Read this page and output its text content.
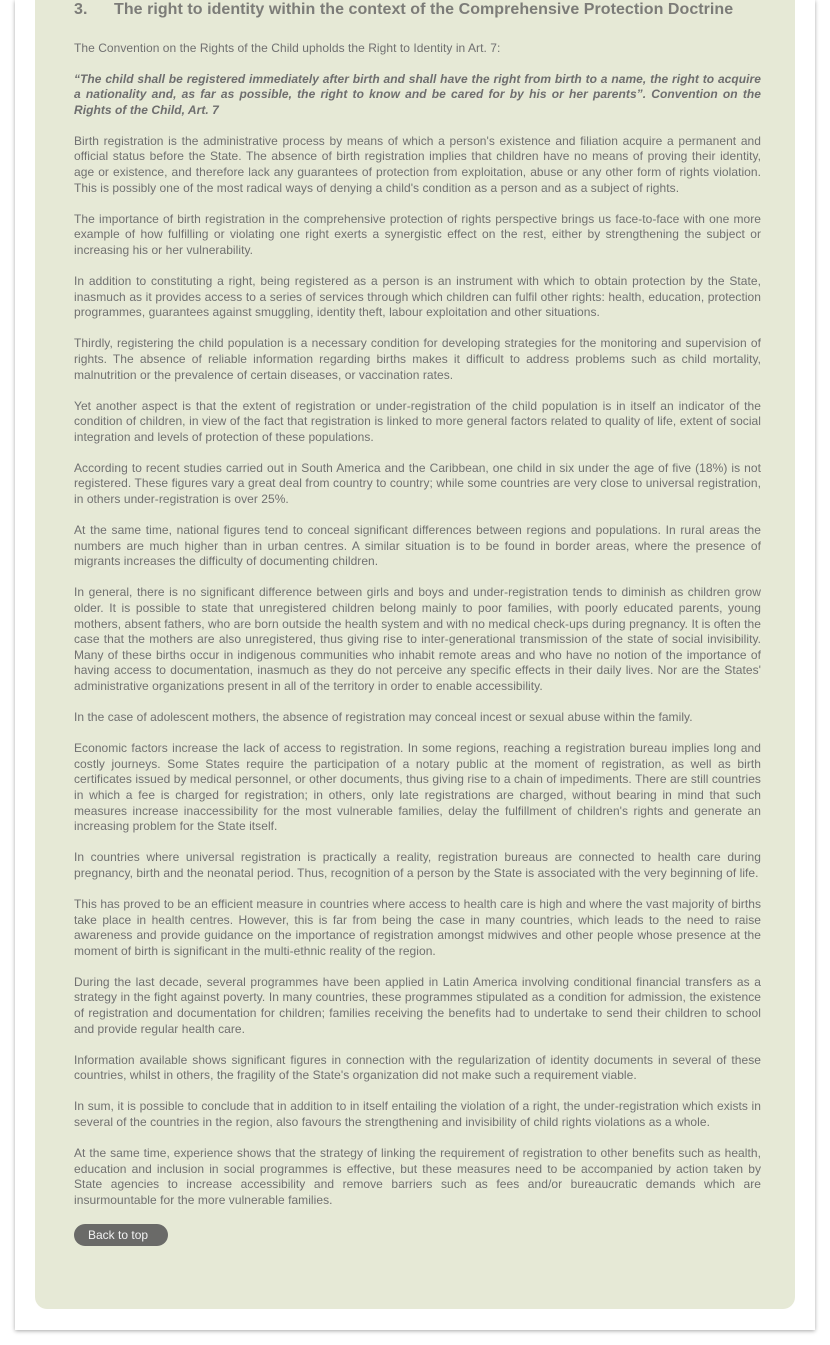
3.	The right to identity within the context of the Comprehensive Protection Doctrine

The Convention on the Rights of the Child upholds the Right to Identity in Art. 7:

“The child shall be registered immediately after birth and shall have the right from birth to a name, the right to acquire a nationality and, as far as possible, the right to know and be cared for by his or her parents”. Convention on the Rights of the Child, Art. 7

Birth registration is the administrative process by means of which a person's existence and filiation acquire a permanent and official status before the State. The absence of birth registration implies that children have no means of proving their identity, age or existence, and therefore lack any guarantees of protection from exploitation, abuse or any other form of rights violation. This is possibly one of the most radical ways of denying a child's condition as a person and as a subject of rights.

The importance of birth registration in the comprehensive protection of rights perspective brings us face-to-face with one more example of how fulfilling or violating one right exerts a synergistic effect on the rest, either by strengthening the subject or increasing his or her vulnerability.

In addition to constituting a right, being registered as a person is an instrument with which to obtain protection by the State, inasmuch as it provides access to a series of services through which children can fulfil other rights: health, education, protection programmes, guarantees against smuggling, identity theft, labour exploitation and other situations.

Thirdly, registering the child population is a necessary condition for developing strategies for the monitoring and supervision of rights. The absence of reliable information regarding births makes it difficult to address problems such as child mortality, malnutrition or the prevalence of certain diseases, or vaccination rates.

Yet another aspect is that the extent of registration or under-registration of the child population is in itself an indicator of the condition of children, in view of the fact that registration is linked to more general factors related to quality of life, extent of social integration and levels of protection of these populations.

According to recent studies carried out in South America and the Caribbean, one child in six under the age of five (18%) is not registered. These figures vary a great deal from country to country; while some countries are very close to universal registration, in others under-registration is over 25%.

At the same time, national figures tend to conceal significant differences between regions and populations. In rural areas the numbers are much higher than in urban centres. A similar situation is to be found in border areas, where the presence of migrants increases the difficulty of documenting children.

In general, there is no significant difference between girls and boys and under-registration tends to diminish as children grow older. It is possible to state that unregistered children belong mainly to poor families, with poorly educated parents, young mothers, absent fathers, who are born outside the health system and with no medical check-ups during pregnancy. It is often the case that the mothers are also unregistered, thus giving rise to inter-generational transmission of the state of social invisibility. Many of these births occur in indigenous communities who inhabit remote areas and who have no notion of the importance of having access to documentation, inasmuch as they do not perceive any specific effects in their daily lives. Nor are the States' administrative organizations present in all of the territory in order to enable accessibility.

In the case of adolescent mothers, the absence of registration may conceal incest or sexual abuse within the family.

Economic factors increase the lack of access to registration. In some regions, reaching a registration bureau implies long and costly journeys. Some States require the participation of a notary public at the moment of registration, as well as birth certificates issued by medical personnel, or other documents, thus giving rise to a chain of impediments. There are still countries in which a fee is charged for registration; in others, only late registrations are charged, without bearing in mind that such measures increase inaccessibility for the most vulnerable families, delay the fulfillment of children's rights and generate an increasing problem for the State itself.

In countries where universal registration is practically a reality, registration bureaus are connected to health care during pregnancy, birth and the neonatal period. Thus, recognition of a person by the State is associated with the very beginning of life.

This has proved to be an efficient measure in countries where access to health care is high and where the vast majority of births take place in health centres. However, this is far from being the case in many countries, which leads to the need to raise awareness and provide guidance on the importance of registration amongst midwives and other people whose presence at the moment of birth is significant in the multi-ethnic reality of the region.

During the last decade, several programmes have been applied in Latin America involving conditional financial transfers as a strategy in the fight against poverty. In many countries, these programmes stipulated as a condition for admission, the existence of registration and documentation for children; families receiving the benefits had to undertake to send their children to school and provide regular health care.

Information available shows significant figures in connection with the regularization of identity documents in several of these countries, whilst in others, the fragility of the State's organization did not make such a requirement viable.

In sum, it is possible to conclude that in addition to in itself entailing the violation of a right, the under-registration which exists in several of the countries in the region, also favours the strengthening and invisibility of child rights violations as a whole.

At the same time, experience shows that the strategy of linking the requirement of registration to other benefits such as health, education and inclusion in social programmes is effective, but these measures need to be accompanied by action taken by State agencies to increase accessibility and remove barriers such as fees and/or bureaucratic demands which are insurmountable for the more vulnerable families.

Back to top
